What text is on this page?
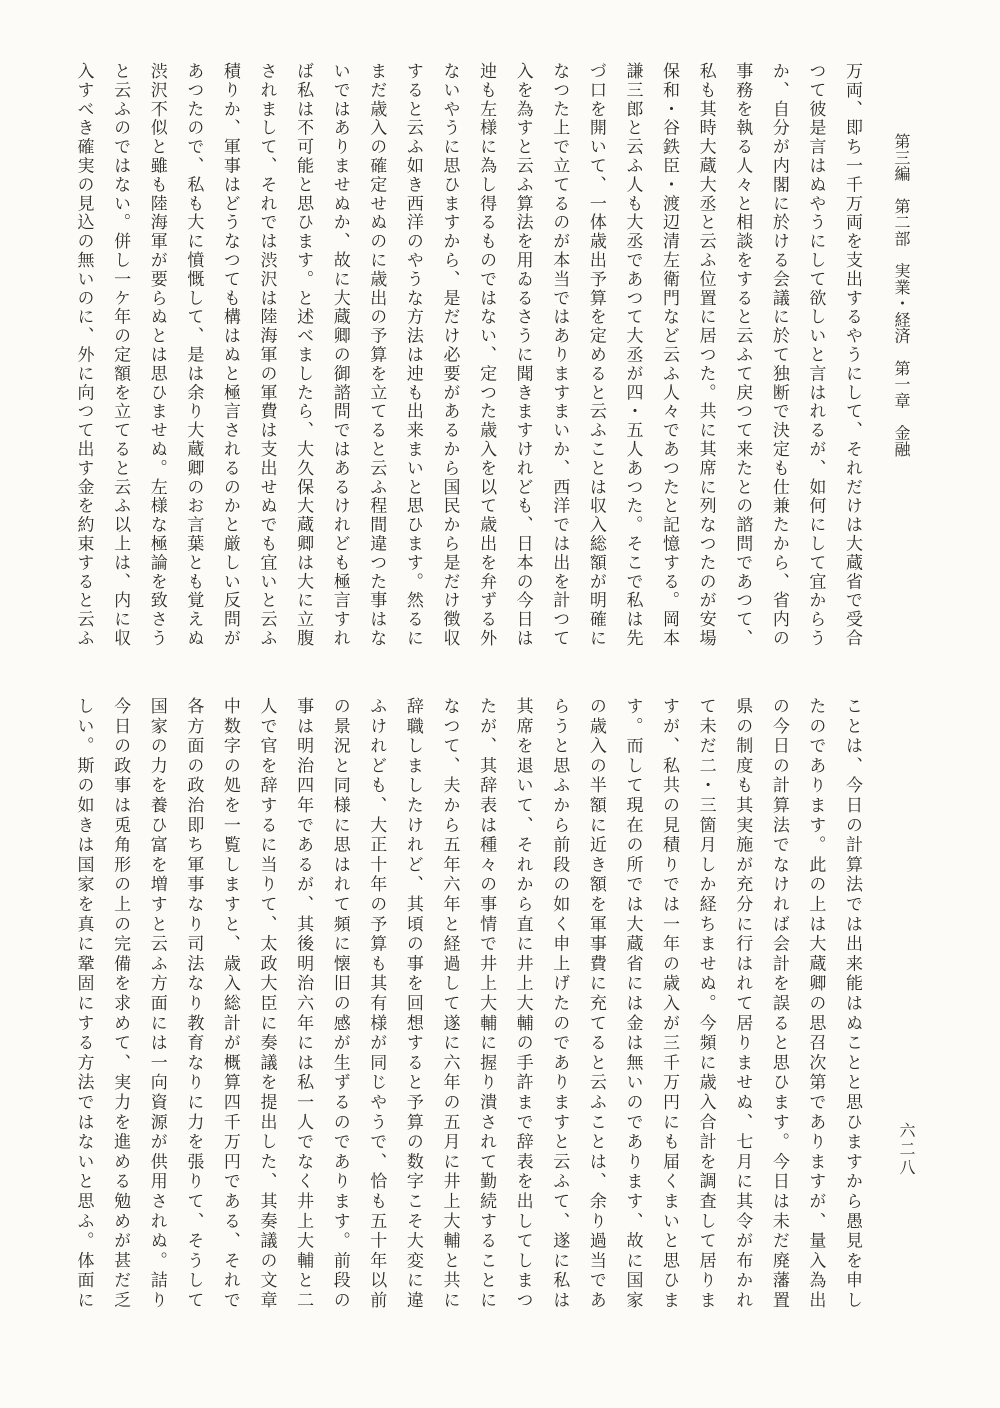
第三編　第二部　実業・経済　第一章　金融

万両、即ち一千万両を支出するやうにして、それだけは大蔵省で受合

つて彼是言はぬやうにして欲しいと言はれるが、如何にして宜からう

か、自分が内閣に於ける会議に於て独断で決定も仕兼たから、省内の

事務を執る人々と相談をすると云ふて戻つて来たとの諮問であつて、

私も其時大蔵大丞と云ふ位置に居つた。共に其席に列なつたのが安場

保和・谷鉄臣・渡辺清左衛門など云ふ人々であつたと記憶する。岡本

謙三郎と云ふ人も大丞であつて大丞が四・五人あつた。そこで私は先

づ口を開いて、一体歳出予算を定めると云ふことは収入総額が明確に

なつた上で立てるのが本当ではありますまいか、西洋では出を計つて

入を為すと云ふ算法を用ゐるさうに聞きますけれども、日本の今日は

迚も左様に為し得るものではない、定つた歳入を以て歳出を弁ずる外

ないやうに思ひますから、是だけ必要があるから国民から是だけ徴収

すると云ふ如き西洋のやうな方法は迚も出来まいと思ひます。然るに

まだ歳入の確定せぬのに歳出の予算を立てると云ふ程間違つた事はな

いではありませぬか、故に大蔵卿の御諮問ではあるけれども極言すれ

ば私は不可能と思ひます。と述べましたら、大久保大蔵卿は大に立腹

されまして、それでは渋沢は陸海軍の軍費は支出せぬでも宜いと云ふ

積りか、軍事はどうなつても構はぬと極言されるのかと厳しい反問が

あつたので、私も大に憤慨して、是は余り大蔵卿のお言葉とも覚えぬ

渋沢不似と雖も陸海軍が要らぬとは思ひませぬ。左様な極論を致さう

と云ふのではない。併し一ケ年の定額を立てると云ふ以上は、内に収

入すべき確実の見込の無いのに、外に向つて出す金を約束すると云ふ

ことは、今日の計算法では出来能はぬことと思ひますから愚見を申し

たのであります。此の上は大蔵卿の思召次第でありますが、量入為出

の今日の計算法でなければ会計を誤ると思ひます。今日は未だ廃藩置

県の制度も其実施が充分に行はれて居りませぬ、七月に其令が布かれ

て未だ二・三箇月しか経ちませぬ。今頻に歳入合計を調査して居りま

すが、私共の見積りでは一年の歳入が三千万円にも届くまいと思ひま

す。而して現在の所では大蔵省には金は無いのであります、故に国家

の歳入の半額に近き額を軍事費に充てると云ふことは、余り過当であ

らうと思ふから前段の如く申上げたのでありますと云ふて、遂に私は

其席を退いて、それから直に井上大輔の手許まで辞表を出してしまつ

たが、其辞表は種々の事情で井上大輔に握り潰されて勤続することに

なつて、夫から五年六年と経過して遂に六年の五月に井上大輔と共に

辞職しましたけれど、其頃の事を回想すると予算の数字こそ大変に違

ふけれども、大正十年の予算も其有様が同じやうで、恰も五十年以前

の景況と同様に思はれて頻に懐旧の感が生ずるのであります。前段の

事は明治四年であるが、其後明治六年には私一人でなく井上大輔と二

人で官を辞するに当りて、太政大臣に奏議を提出した、其奏議の文章

中数字の処を一覧しますと、歳入総計が概算四千万円である、それで

各方面の政治即ち軍事なり司法なり教育なりに力を張りて、そうして

国家の力を養ひ富を増すと云ふ方面には一向資源が供用されぬ。詰り

今日の政事は兎角形の上の完備を求めて、実力を進める勉めが甚だ乏

しい。斯の如きは国家を真に鞏固にする方法ではないと思ふ。体面に	六二八
